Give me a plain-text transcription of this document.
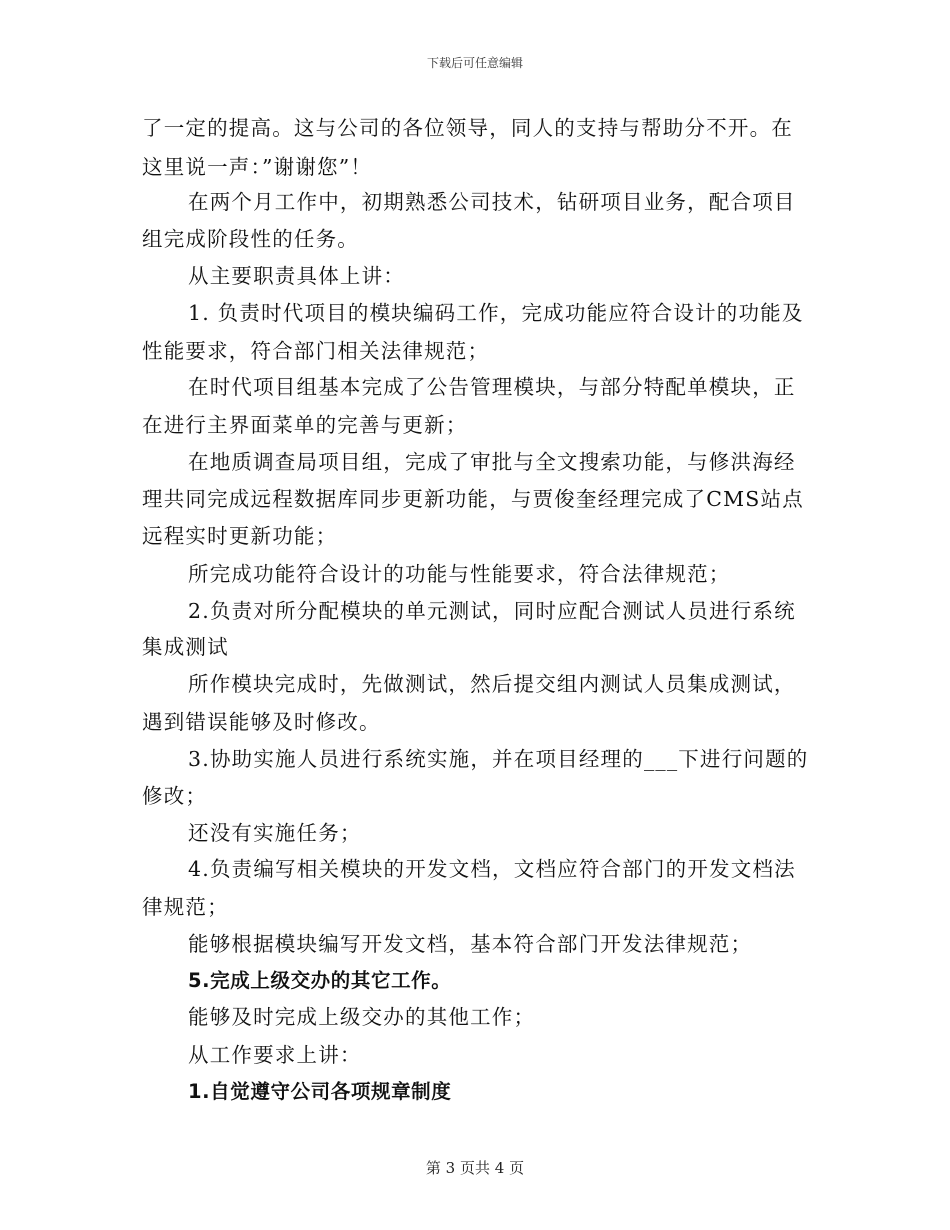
下载后可任意编辑
了一定的提高。这与公司的各位领导，同人的支持与帮助分不开。在
这里说一声：”谢谢您”！
在两个月工作中，初期熟悉公司技术，钻研项目业务，配合项目
组完成阶段性的任务。
从主要职责具体上讲：
1. 负责时代项目的模块编码工作，完成功能应符合设计的功能及
性能要求，符合部门相关法律规范；
在时代项目组基本完成了公告管理模块，与部分特配单模块，正
在进行主界面菜单的完善与更新；
在地质调查局项目组，完成了审批与全文搜索功能，与修洪海经
理共同完成远程数据库同步更新功能，与贾俊奎经理完成了CMS站点
远程实时更新功能；
所完成功能符合设计的功能与性能要求，符合法律规范；
2.负责对所分配模块的单元测试，同时应配合测试人员进行系统
集成测试
所作模块完成时，先做测试，然后提交组内测试人员集成测试，
遇到错误能够及时修改。
3.协助实施人员进行系统实施，并在项目经理的___下进行问题的
修改；
还没有实施任务；
4.负责编写相关模块的开发文档，文档应符合部门的开发文档法
律规范；
能够根据模块编写开发文档，基本符合部门开发法律规范；
5.完成上级交办的其它工作。
能够及时完成上级交办的其他工作；
从工作要求上讲：
1.自觉遵守公司各项规章制度
第 3 页共 4 页
